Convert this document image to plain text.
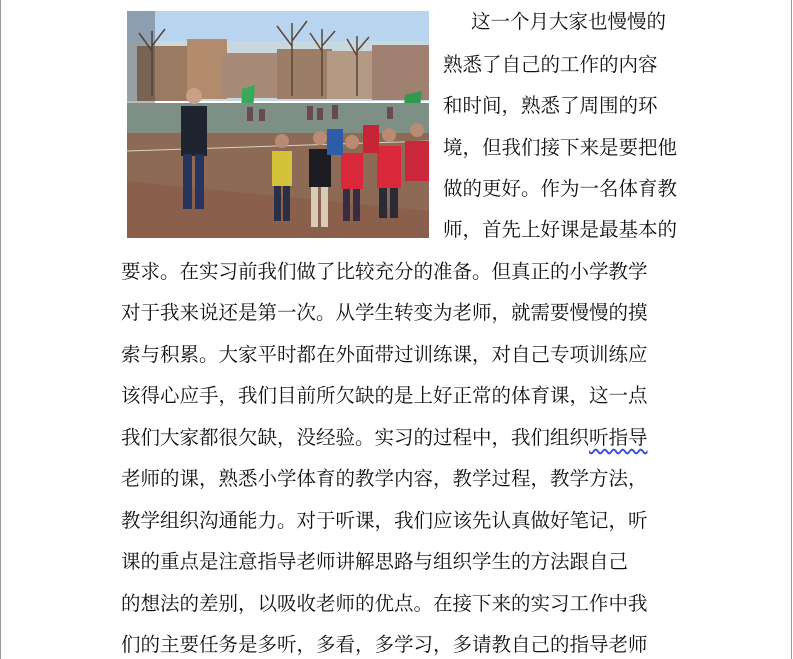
这一个月大家也慢慢的
熟悉了自己的工作的内容
和时间，熟悉了周围的环
境，但我们接下来是要把他
做的更好。作为一名体育教
师，首先上好课是最基本的
要求。在实习前我们做了比较充分的准备。但真正的小学教学
对于我来说还是第一次。从学生转变为老师，就需要慢慢的摸
索与积累。大家平时都在外面带过训练课，对自己专项训练应
该得心应手，我们目前所欠缺的是上好正常的体育课，这一点
我们大家都很欠缺，没经验。实习的过程中，我们组织听指导
老师的课，熟悉小学体育的教学内容，教学过程，教学方法，
教学组织沟通能力。对于听课，我们应该先认真做好笔记，听
课的重点是注意指导老师讲解思路与组织学生的方法跟自己
的想法的差别，以吸收老师的优点。在接下来的实习工作中我
们的主要任务是多听，多看，多学习，多请教自己的指导老师
